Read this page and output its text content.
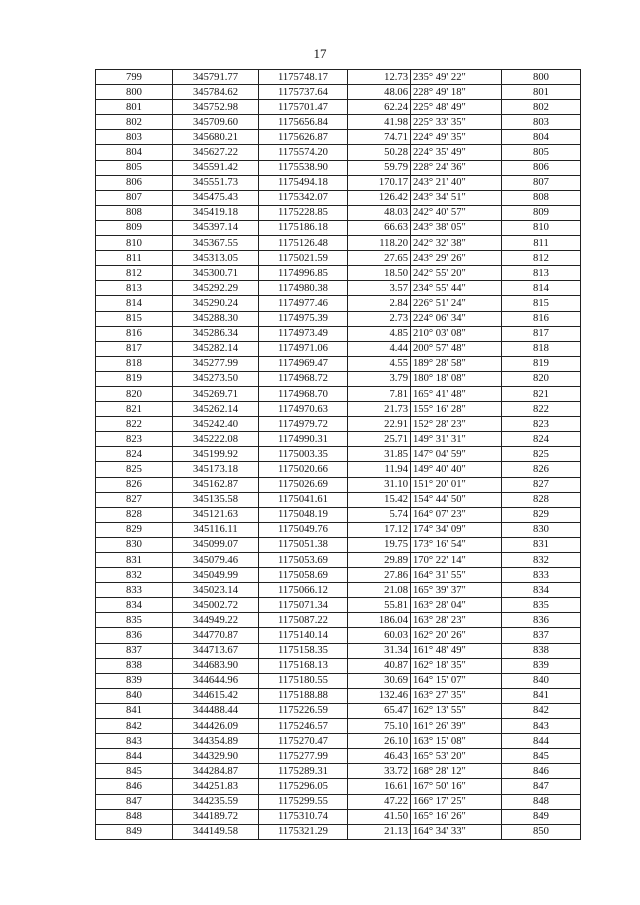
17
799	345791.77	1175748.17	12.73	235° 49' 22"	800
800	345784.62	1175737.64	48.06	228° 49' 18"	801
801	345752.98	1175701.47	62.24	225° 48' 49"	802
802	345709.60	1175656.84	41.98	225° 33' 35"	803
803	345680.21	1175626.87	74.71	224° 49' 35"	804
804	345627.22	1175574.20	50.28	224° 35' 49"	805
805	345591.42	1175538.90	59.79	228° 24' 36"	806
806	345551.73	1175494.18	170.17	243° 21' 40"	807
807	345475.43	1175342.07	126.42	243° 34' 51"	808
808	345419.18	1175228.85	48.03	242° 40' 57"	809
809	345397.14	1175186.18	66.63	243° 38' 05"	810
810	345367.55	1175126.48	118.20	242° 32' 38"	811
811	345313.05	1175021.59	27.65	243° 29' 26"	812
812	345300.71	1174996.85	18.50	242° 55' 20"	813
813	345292.29	1174980.38	3.57	234° 55' 44"	814
814	345290.24	1174977.46	2.84	226° 51' 24"	815
815	345288.30	1174975.39	2.73	224° 06' 34"	816
816	345286.34	1174973.49	4.85	210° 03' 08"	817
817	345282.14	1174971.06	4.44	200° 57' 48"	818
818	345277.99	1174969.47	4.55	189° 28' 58"	819
819	345273.50	1174968.72	3.79	180° 18' 08"	820
820	345269.71	1174968.70	7.81	165° 41' 48"	821
821	345262.14	1174970.63	21.73	155° 16' 28"	822
822	345242.40	1174979.72	22.91	152° 28' 23"	823
823	345222.08	1174990.31	25.71	149° 31' 31"	824
824	345199.92	1175003.35	31.85	147° 04' 59"	825
825	345173.18	1175020.66	11.94	149° 40' 40"	826
826	345162.87	1175026.69	31.10	151° 20' 01"	827
827	345135.58	1175041.61	15.42	154° 44' 50"	828
828	345121.63	1175048.19	5.74	164° 07' 23"	829
829	345116.11	1175049.76	17.12	174° 34' 09"	830
830	345099.07	1175051.38	19.75	173° 16' 54"	831
831	345079.46	1175053.69	29.89	170° 22' 14"	832
832	345049.99	1175058.69	27.86	164° 31' 55"	833
833	345023.14	1175066.12	21.08	165° 39' 37"	834
834	345002.72	1175071.34	55.81	163° 28' 04"	835
835	344949.22	1175087.22	186.04	163° 28' 23"	836
836	344770.87	1175140.14	60.03	162° 20' 26"	837
837	344713.67	1175158.35	31.34	161° 48' 49"	838
838	344683.90	1175168.13	40.87	162° 18' 35"	839
839	344644.96	1175180.55	30.69	164° 15' 07"	840
840	344615.42	1175188.88	132.46	163° 27' 35"	841
841	344488.44	1175226.59	65.47	162° 13' 55"	842
842	344426.09	1175246.57	75.10	161° 26' 39"	843
843	344354.89	1175270.47	26.10	163° 15' 08"	844
844	344329.90	1175277.99	46.43	165° 53' 20"	845
845	344284.87	1175289.31	33.72	168° 28' 12"	846
846	344251.83	1175296.05	16.61	167° 50' 16"	847
847	344235.59	1175299.55	47.22	166° 17' 25"	848
848	344189.72	1175310.74	41.50	165° 16' 26"	849
849	344149.58	1175321.29	21.13	164° 34' 33"	850
